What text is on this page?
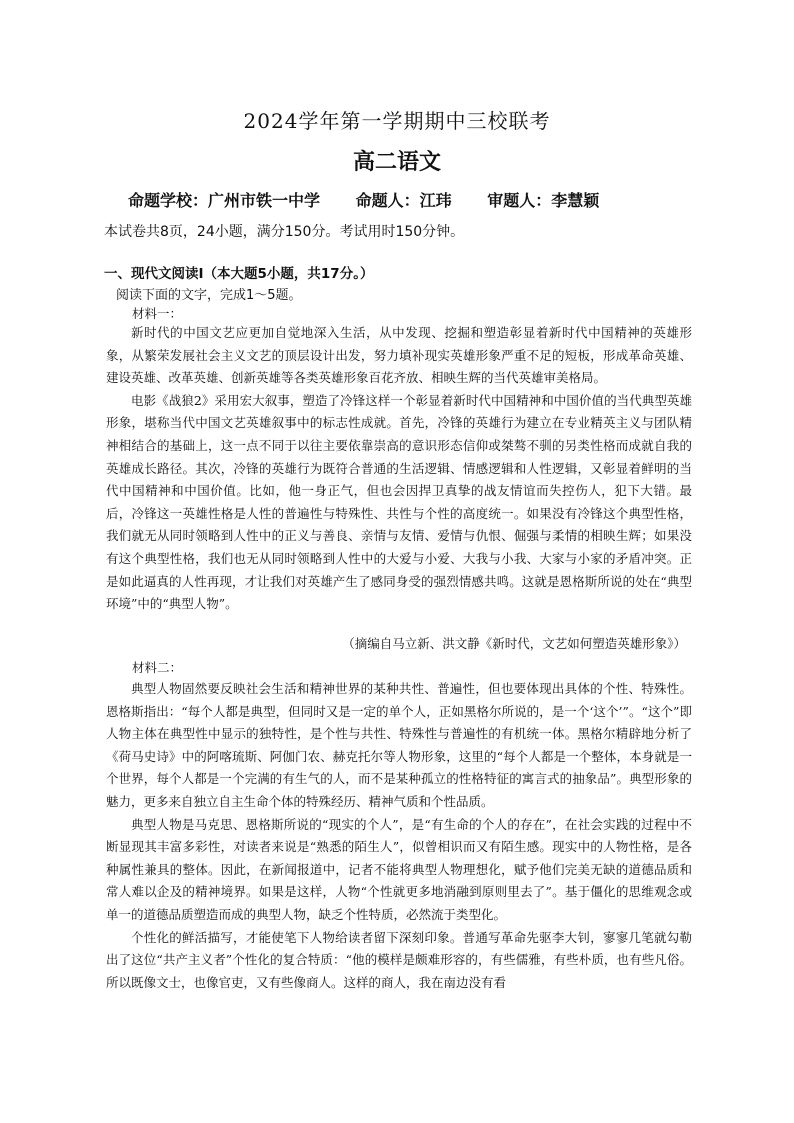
2024学年第一学期期中三校联考
高二语文
命题学校：广州市铁一中学 命题人：江玮 审题人：李慧颖
本试卷共8页，24小题，满分150分。考试用时150分钟。
一、现代文阅读Ⅰ（本大题5小题，共17分。）
阅读下面的文字，完成1～5题。
材料一：

新时代的中国文艺应更加自觉地深入生活，从中发现、挖掘和塑造彰显着新时代中国精神的英雄形象，从繁荣发展社会主义文艺的顶层设计出发，努力填补现实英雄形象严重不足的短板，形成革命英雄、建设英雄、改革英雄、创新英雄等各类英雄形象百花齐放、相映生辉的当代英雄审美格局。

电影《战狼2》采用宏大叙事，塑造了冷锋这样一个彰显着新时代中国精神和中国价值的当代典型英雄形象，堪称当代中国文艺英雄叙事中的标志性成就。首先，冷锋的英雄行为建立在专业精英主义与团队精神相结合的基础上，这一点不同于以往主要依靠崇高的意识形态信仰或桀骜不驯的另类性格而成就自我的英雄成长路径。其次，冷锋的英雄行为既符合普通的生活逻辑、情感逻辑和人性逻辑，又彰显着鲜明的当代中国精神和中国价值。比如，他一身正气，但也会因捍卫真挚的战友情谊而失控伤人，犯下大错。最后，冷锋这一英雄性格是人性的普遍性与特殊性、共性与个性的高度统一。如果没有冷锋这个典型性格，我们就无从同时领略到人性中的正义与善良、亲情与友情、爱情与仇恨、倔强与柔情的相映生辉；如果没有这个典型性格，我们也无从同时领略到人性中的大爱与小爱、大我与小我、大家与小家的矛盾冲突。正是如此逼真的人性再现，才让我们对英雄产生了感同身受的强烈情感共鸣。这就是恩格斯所说的处在“典型环境”中的“典型人物”。

（摘编自马立新、洪文静《新时代，文艺如何塑造英雄形象》）
材料二：

典型人物固然要反映社会生活和精神世界的某种共性、普遍性，但也要体现出具体的个性、特殊性。恩格斯指出：“每个人都是典型，但同时又是一定的单个人，正如黑格尔所说的，是一个‘这个’”。“这个”即人物主体在典型性中显示的独特性，是个性与共性、特殊性与普遍性的有机统一体。黑格尔精辟地分析了《荷马史诗》中的阿喀琉斯、阿伽门农、赫克托尔等人物形象，这里的“每个人都是一个整体，本身就是一个世界，每个人都是一个完满的有生气的人，而不是某种孤立的性格特征的寓言式的抽象品”。典型形象的魅力，更多来自独立自主生命个体的特殊经历、精神气质和个性品质。

典型人物是马克思、恩格斯所说的“现实的个人”，是“有生命的个人的存在”，在社会实践的过程中不断显现其丰富多彩性，对读者来说是“熟悉的陌生人”，似曾相识而又有陌生感。现实中的人物性格，是各种属性兼具的整体。因此，在新闻报道中，记者不能将典型人物理想化，赋予他们完美无缺的道德品质和常人难以企及的精神境界。如果是这样，人物“个性就更多地消融到原则里去了”。基于僵化的思维观念或单一的道德品质塑造而成的典型人物，缺乏个性特质，必然流于类型化。

个性化的鲜活描写，才能使笔下人物给读者留下深刻印象。普通写革命先驱李大钊，寥寥几笔就勾勒出了这位“共产主义者”个性化的复合特质：“他的模样是颇难形容的，有些儒雅，有些朴质，也有些凡俗。所以既像文士，也像官吏，又有些像商人。这样的商人，我在南边没有看
